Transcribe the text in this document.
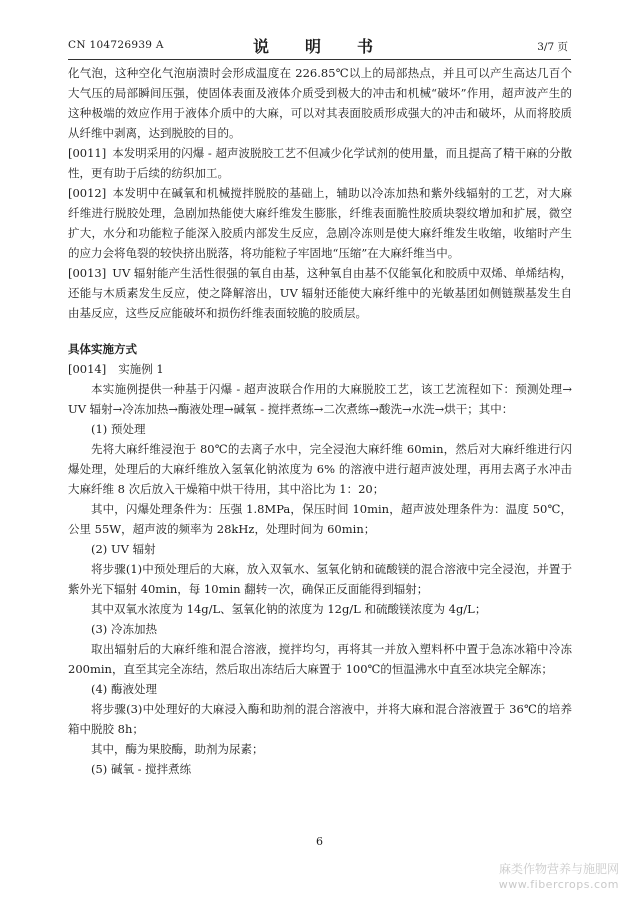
CN 104726939 A	说　明　书	3/7 页

化气泡，这种空化气泡崩溃时会形成温度在 226.85℃以上的局部热点，并且可以产生高达几百个大气压的局部瞬间压强，使固体表面及液体介质受到极大的冲击和机械“破坏”作用，超声波产生的这种极端的效应作用于液体介质中的大麻，可以对其表面胶质形成强大的冲击和破坏，从而将胶质从纤维中剥离，达到脱胶的目的。

[0011] 本发明采用的闪爆 - 超声波脱胶工艺不但减少化学试剂的使用量，而且提高了精干麻的分散性，更有助于后续的纺织加工。

[0012] 本发明中在碱氧和机械搅拌脱胶的基础上，辅助以冷冻加热和紫外线辐射的工艺，对大麻纤维进行脱胶处理，急剧加热能使大麻纤维发生膨胀，纤维表面脆性胶质块裂纹增加和扩展，微空扩大，水分和功能粒子能深入胶质内部发生反应，急剧冷冻则是使大麻纤维发生收缩，收缩时产生的应力会将龟裂的较快挤出脱落，将功能粒子牢固地“压缩”在大麻纤维当中。

[0013] UV 辐射能产生活性很强的氧自由基，这种氧自由基不仅能氧化和胶质中双烯、单烯结构，还能与木质素发生反应，使之降解溶出，UV 辐射还能使大麻纤维中的光敏基团如侧链羰基发生自由基反应，这些反应能破坏和损伤纤维表面较脆的胶质层。

具体实施方式

[0014] 实施例 1

本实施例提供一种基于闪爆 - 超声波联合作用的大麻脱胶工艺，该工艺流程如下：预测处理→ UV 辐射→冷冻加热→酶液处理→碱氧 - 搅拌煮练→二次煮练→酸洗→水洗→烘干；其中：

(1) 预处理

先将大麻纤维浸泡于 80℃的去离子水中，完全浸泡大麻纤维 60min，然后对大麻纤维进行闪爆处理，处理后的大麻纤维放入氢氧化钠浓度为 6% 的溶液中进行超声波处理，再用去离子水冲击大麻纤维 8 次后放入干燥箱中烘干待用，其中浴比为 1：20；

其中，闪爆处理条件为：压强 1.8MPa，保压时间 10min，超声波处理条件为：温度 50℃，公里 55W，超声波的频率为 28kHz，处理时间为 60min；

(2) UV 辐射

将步骤(1)中预处理后的大麻，放入双氧水、氢氧化钠和硫酸镁的混合溶液中完全浸泡，并置于紫外光下辐射 40min，每 10min 翻转一次，确保正反面能得到辐射；

其中双氧水浓度为 14g/L、氢氧化钠的浓度为 12g/L 和硫酸镁浓度为 4g/L；

(3) 冷冻加热

取出辐射后的大麻纤维和混合溶液，搅拌均匀，再将其一并放入塑料杯中置于急冻冰箱中冷冻 200min，直至其完全冻结，然后取出冻结后大麻置于 100℃的恒温沸水中直至冰块完全解冻；

(4) 酶液处理

将步骤(3)中处理好的大麻浸入酶和助剂的混合溶液中，并将大麻和混合溶液置于 36℃的培养箱中脱胶 8h；

其中，酶为果胶酶，助剂为尿素；

(5) 碱氧 - 搅拌煮练

6
麻类作物营养与施肥网
www.fibercrops.com
